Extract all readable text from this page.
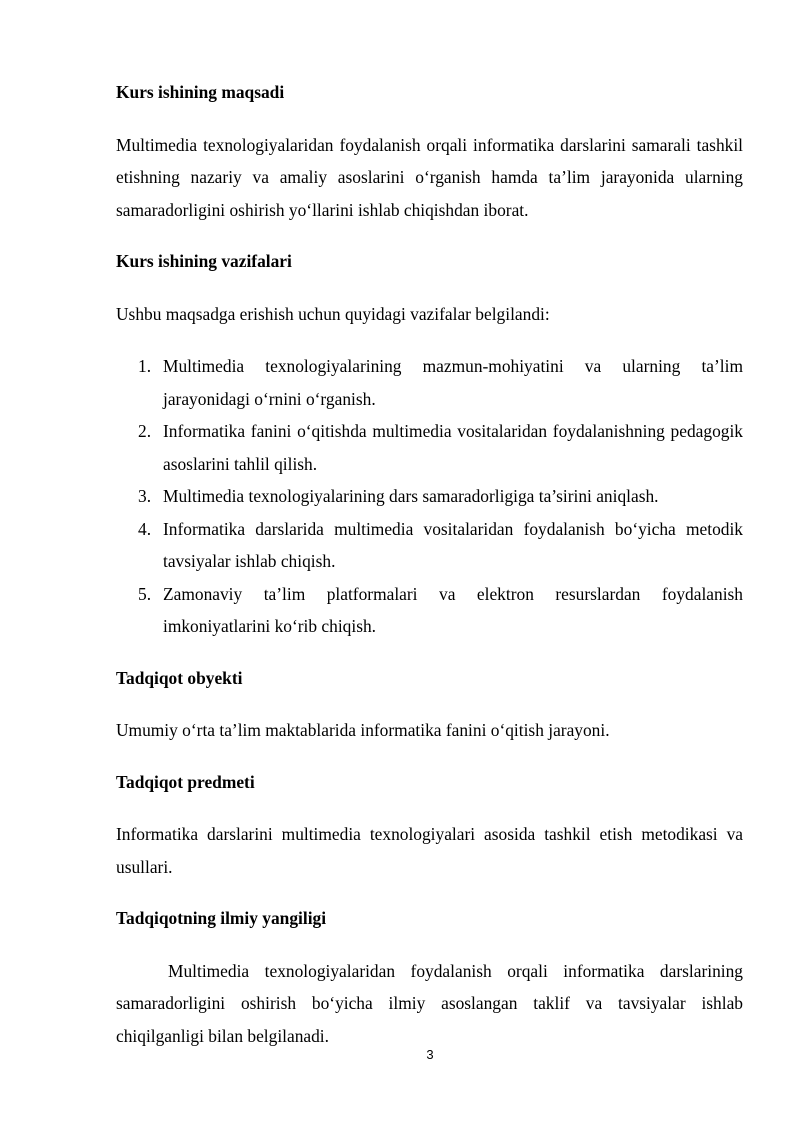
Kurs ishining maqsadi

Multimedia texnologiyalaridan foydalanish orqali informatika darslarini samarali tashkil etishning nazariy va amaliy asoslarini o‘rganish hamda ta’lim jarayonida ularning samaradorligini oshirish yo‘llarini ishlab chiqishdan iborat.

Kurs ishining vazifalari

Ushbu maqsadga erishish uchun quyidagi vazifalar belgilandi:

1. Multimedia texnologiyalarining mazmun-mohiyatini va ularning ta’lim jarayonidagi o‘rnini o‘rganish.
2. Informatika fanini o‘qitishda multimedia vositalaridan foydalanishning pedagogik asoslarini tahlil qilish.
3. Multimedia texnologiyalarining dars samaradorligiga ta’sirini aniqlash.
4. Informatika darslarida multimedia vositalaridan foydalanish bo‘yicha metodik tavsiyalar ishlab chiqish.
5. Zamonaviy ta’lim platformalari va elektron resurslardan foydalanish imkoniyatlarini ko‘rib chiqish.

Tadqiqot obyekti

Umumiy o‘rta ta’lim maktablarida informatika fanini o‘qitish jarayoni.

Tadqiqot predmeti

Informatika darslarini multimedia texnologiyalari asosida tashkil etish metodikasi va usullari.

Tadqiqotning ilmiy yangiligi

Multimedia texnologiyalaridan foydalanish orqali informatika darslarining samaradorligini oshirish bo‘yicha ilmiy asoslangan taklif va tavsiyalar ishlab chiqilganligi bilan belgilanadi.

3
